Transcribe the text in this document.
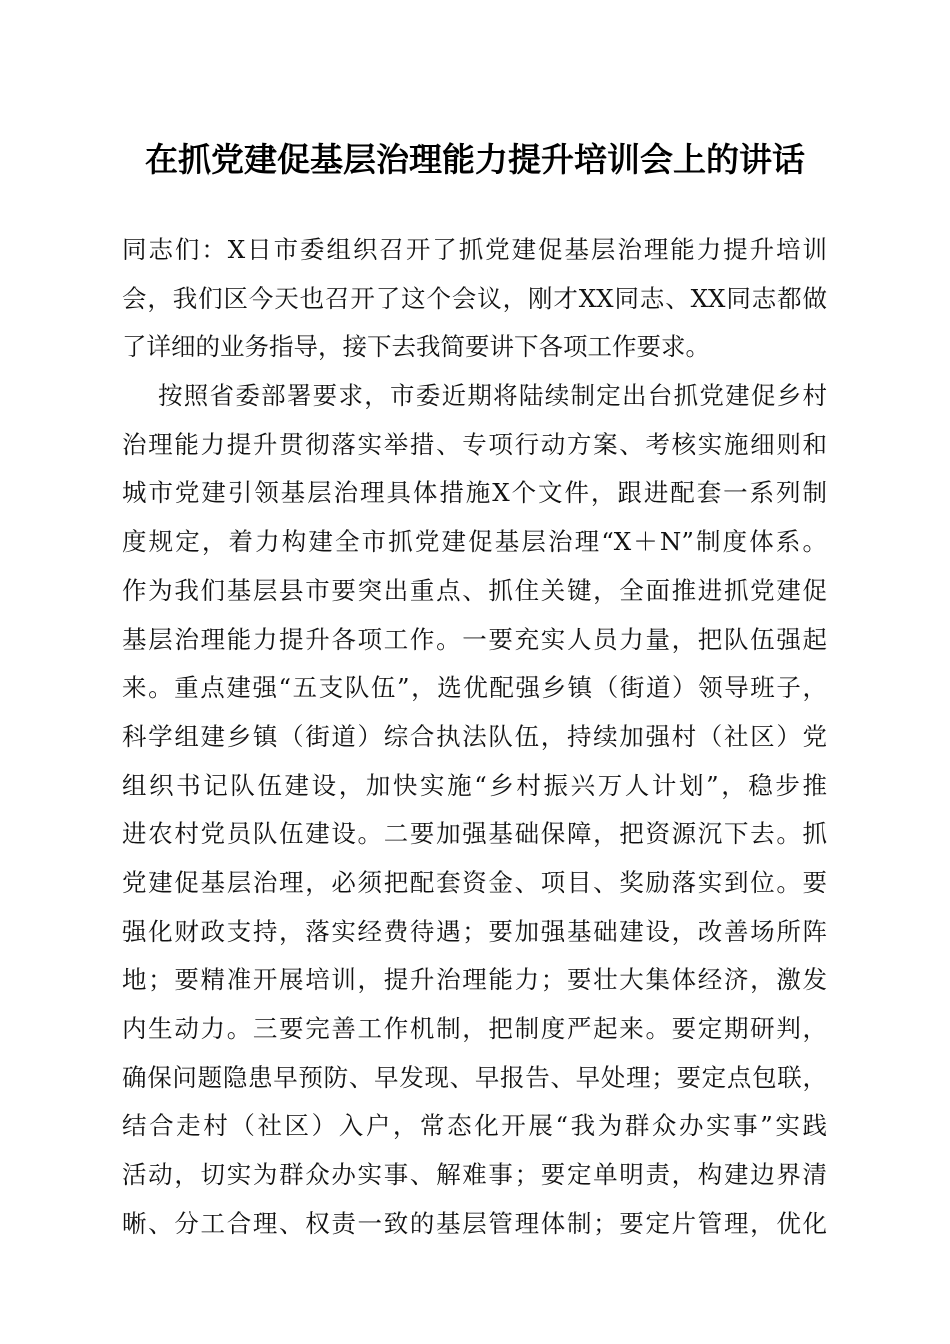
在抓党建促基层治理能力提升培训会上的讲话
同志们：X日市委组织召开了抓党建促基层治理能力提升培训
会，我们区今天也召开了这个会议，刚才XX同志、XX同志都做
了详细的业务指导，接下去我简要讲下各项工作要求。
按照省委部署要求，市委近期将陆续制定出台抓党建促乡村
治理能力提升贯彻落实举措、专项行动方案、考核实施细则和
城市党建引领基层治理具体措施X个文件，跟进配套一系列制
度规定，着力构建全市抓党建促基层治理“X＋N”制度体系。
作为我们基层县市要突出重点、抓住关键，全面推进抓党建促
基层治理能力提升各项工作。一要充实人员力量，把队伍强起
来。重点建强“五支队伍”，选优配强乡镇（街道）领导班子，
科学组建乡镇（街道）综合执法队伍，持续加强村（社区）党
组织书记队伍建设，加快实施“乡村振兴万人计划”，稳步推
进农村党员队伍建设。二要加强基础保障，把资源沉下去。抓
党建促基层治理，必须把配套资金、项目、奖励落实到位。要
强化财政支持，落实经费待遇；要加强基础建设，改善场所阵
地；要精准开展培训，提升治理能力；要壮大集体经济，激发
内生动力。三要完善工作机制，把制度严起来。要定期研判，
确保问题隐患早预防、早发现、早报告、早处理；要定点包联，
结合走村（社区）入户，常态化开展“我为群众办实事”实践
活动，切实为群众办实事、解难事；要定单明责，构建边界清
晰、分工合理、权责一致的基层管理体制；要定片管理，优化
